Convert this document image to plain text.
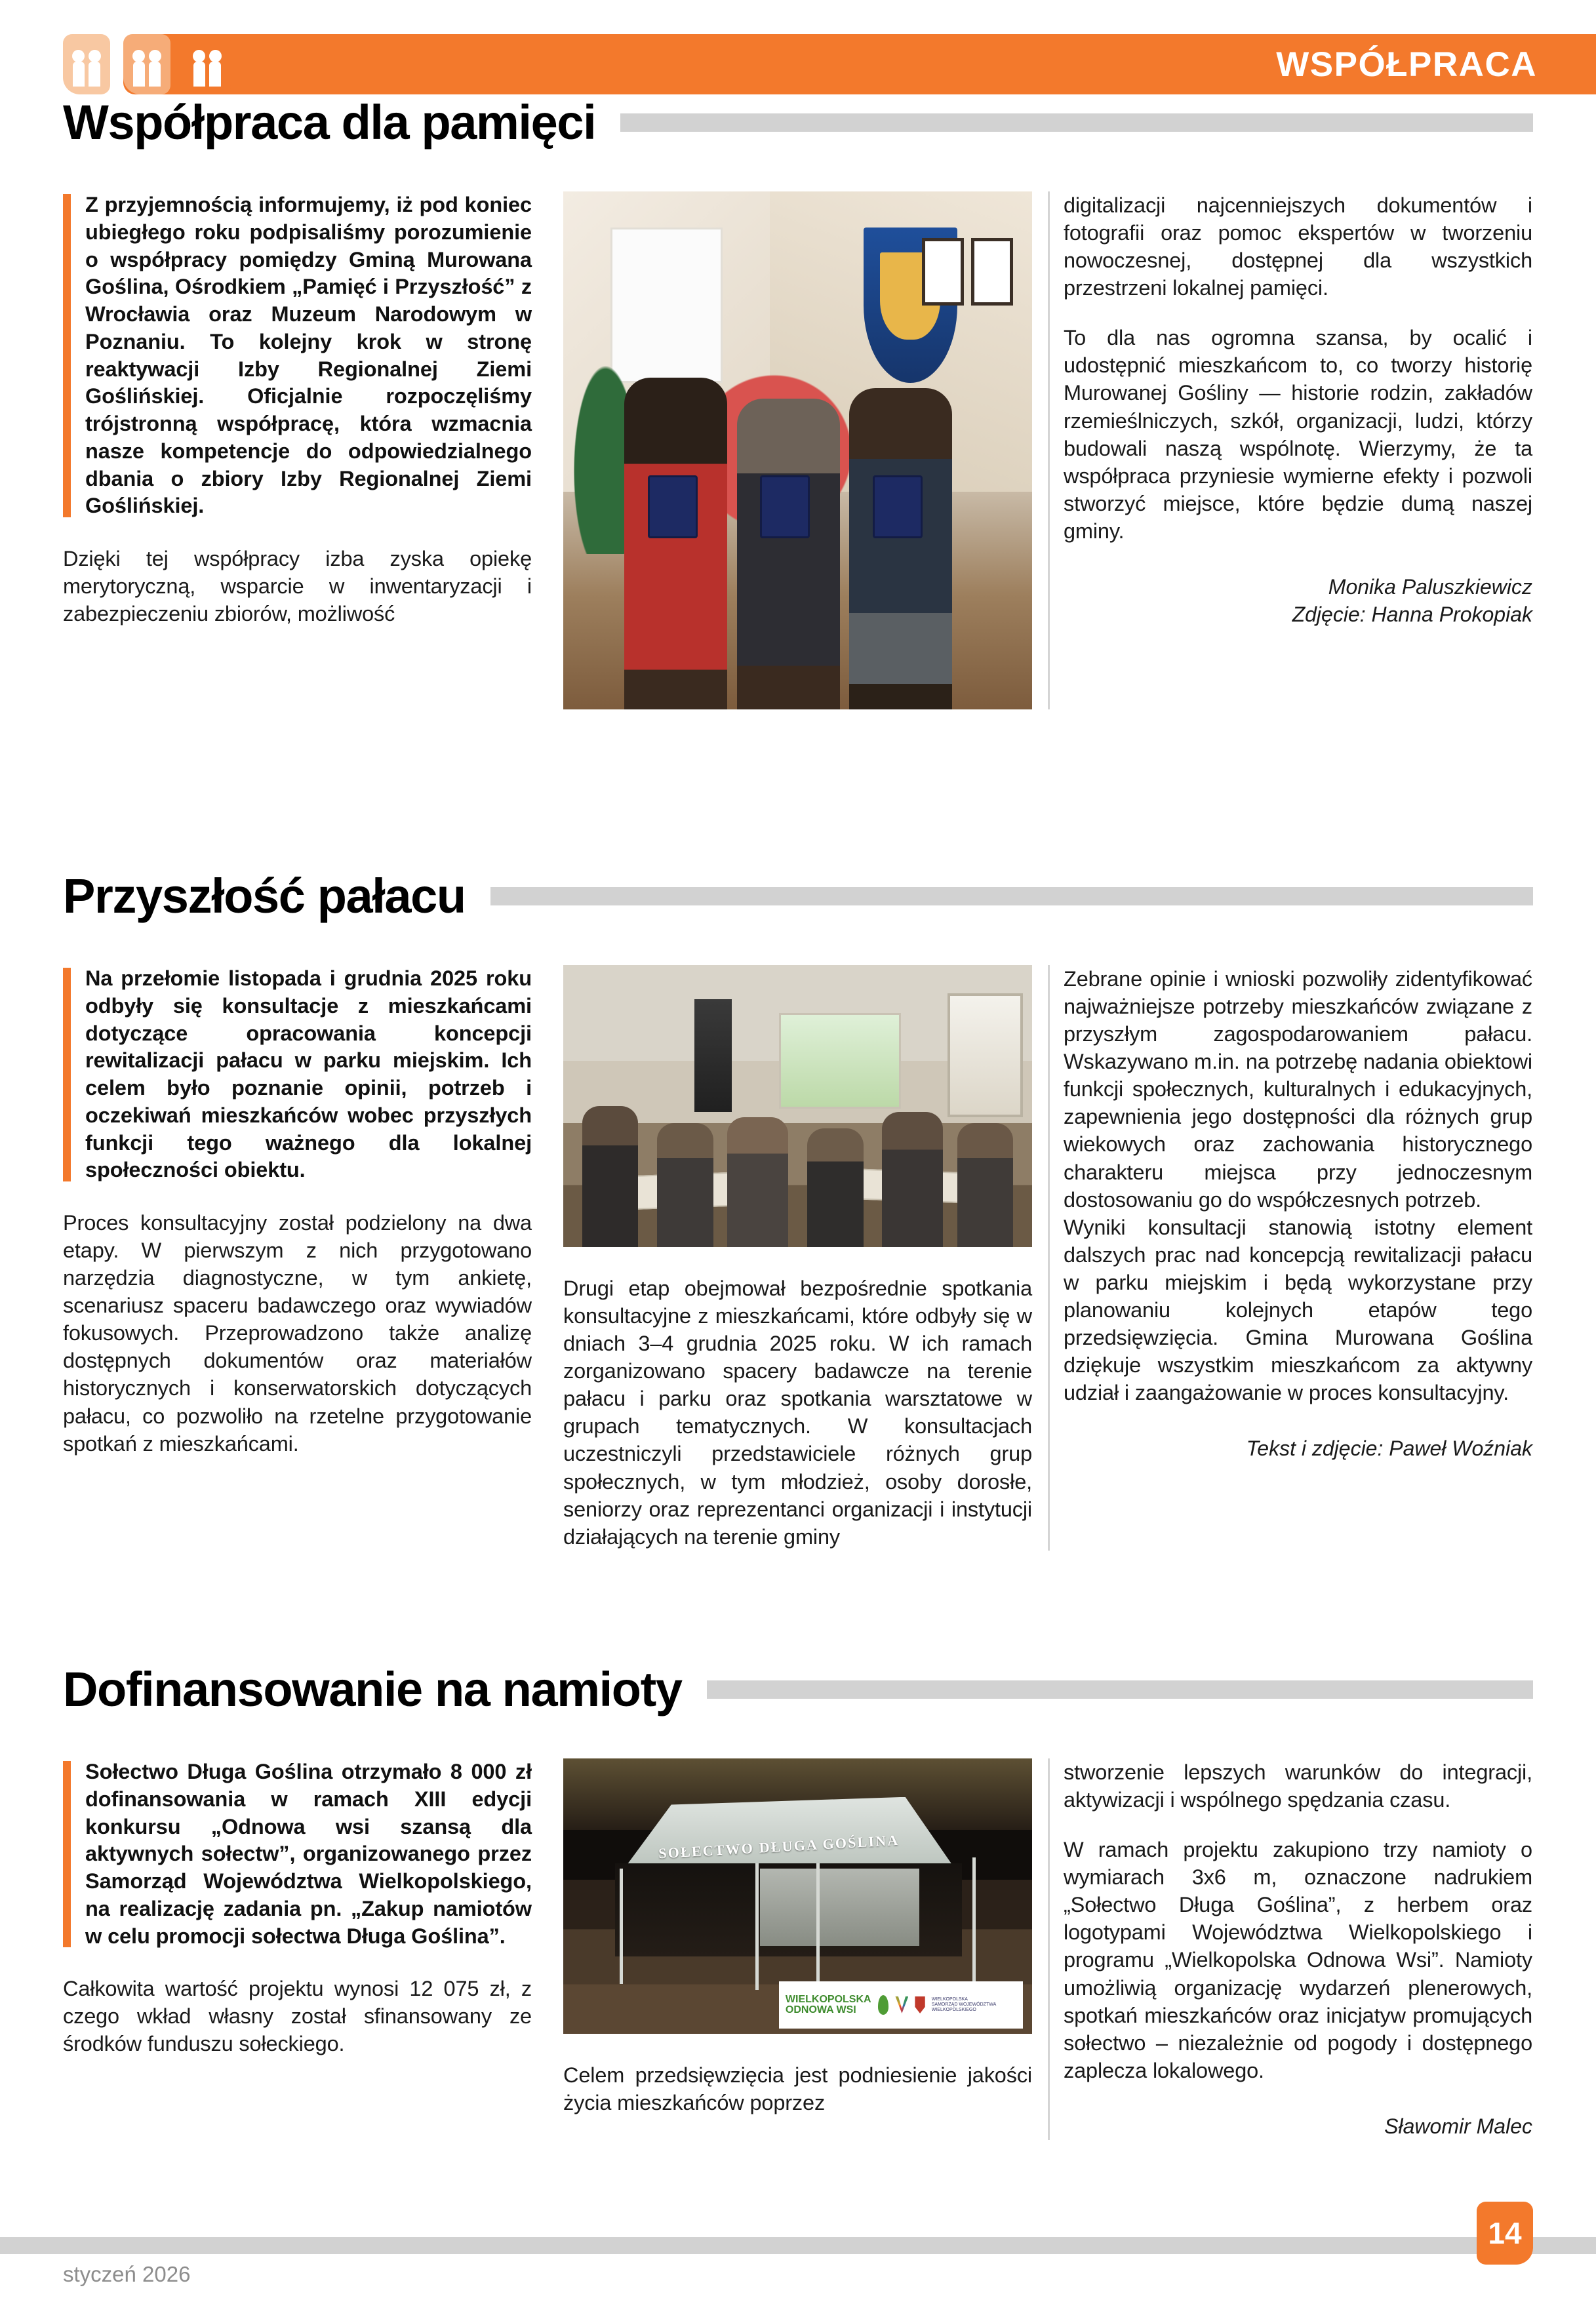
WSPÓŁPRACA
Współpraca dla pamięci
Z przyjemnością informujemy, iż pod koniec ubiegłego roku podpisaliśmy porozumienie o współpracy pomiędzy Gminą Murowana Goślina, Ośrodkiem „Pamięć i Przyszłość” z Wrocławia oraz Muzeum Narodowym w Poznaniu. To kolejny krok w stronę reaktywacji Izby Regionalnej Ziemi Goślińskiej. Oficjalnie rozpoczęliśmy trójstronną współpracę, która wzmacnia nasze kompetencje do odpowiedzialnego dbania o zbiory Izby Regionalnej Ziemi Goślińskiej.

Dzięki tej współpracy izba zyska opiekę merytoryczną, wsparcie w inwentaryzacji i zabezpieczeniu zbiorów, możliwość

digitalizacji najcenniejszych dokumentów i fotografii oraz pomoc ekspertów w tworzeniu nowoczesnej, dostępnej dla wszystkich przestrzeni lokalnej pamięci.

To dla nas ogromna szansa, by ocalić i udostępnić mieszkańcom to, co tworzy historię Murowanej Gośliny — historie rodzin, zakładów rzemieślniczych, szkół, organizacji, ludzi, którzy budowali naszą wspólnotę. Wierzymy, że ta współpraca przyniesie wymierne efekty i pozwoli stworzyć miejsce, które będzie dumą naszej gminy.

Monika Paluszkiewicz
Zdjęcie: Hanna Prokopiak
Przyszłość pałacu
Na przełomie listopada i grudnia 2025 roku odbyły się konsultacje z mieszkańcami dotyczące opracowania koncepcji rewitalizacji pałacu w parku miejskim. Ich celem było poznanie opinii, potrzeb i oczekiwań mieszkańców wobec przyszłych funkcji tego ważnego dla lokalnej społeczności obiektu.

Proces konsultacyjny został podzielony na dwa etapy. W pierwszym z nich przygotowano narzędzia diagnostyczne, w tym ankietę, scenariusz spaceru badawczego oraz wywiadów fokusowych. Przeprowadzono także analizę dostępnych dokumentów oraz materiałów historycznych i konserwatorskich dotyczących pałacu, co pozwoliło na rzetelne przygotowanie spotkań z mieszkańcami.

Drugi etap obejmował bezpośrednie spotkania konsultacyjne z mieszkańcami, które odbyły się w dniach 3–4 grudnia 2025 roku. W ich ramach zorganizowano spacery badawcze na terenie pałacu i parku oraz spotkania warsztatowe w grupach tematycznych. W konsultacjach uczestniczyli przedstawiciele różnych grup społecznych, w tym młodzież, osoby dorosłe, seniorzy oraz reprezentanci organizacji i instytucji działających na terenie gminy

Zebrane opinie i wnioski pozwoliły zidentyfikować najważniejsze potrzeby mieszkańców związane z przyszłym zagospodarowaniem pałacu. Wskazywano m.in. na potrzebę nadania obiektowi funkcji społecznych, kulturalnych i edukacyjnych, zapewnienia jego dostępności dla różnych grup wiekowych oraz zachowania historycznego charakteru miejsca przy jednoczesnym dostosowaniu go do współczesnych potrzeb.

Wyniki konsultacji stanowią istotny element dalszych prac nad koncepcją rewitalizacji pałacu w parku miejskim i będą wykorzystane przy planowaniu kolejnych etapów tego przedsięwzięcia. Gmina Murowana Goślina dziękuje wszystkim mieszkańcom za aktywny udział i zaangażowanie w proces konsultacyjny.

Tekst i zdjęcie: Paweł Woźniak
Dofinansowanie na namioty
Sołectwo Długa Goślina otrzymało 8 000 zł dofinansowania w ramach XIII edycji konkursu „Odnowa wsi szansą dla aktywnych sołectw”, organizowanego przez Samorząd Województwa Wielkopolskiego, na realizację zadania pn. „Zakup namiotów w celu promocji sołectwa Długa Goślina”.

Całkowita wartość projektu wynosi 12 075 zł, z czego wkład własny został sfinansowany ze środków funduszu sołeckiego.

SOŁECTWO DŁUGA GOŚLINA
WIELKOPOLSKA
ODNOWA WSI
WIELKOPOLSKA
SAMORZĄD WOJEWÓDZTWA WIELKOPOLSKIEGO

Celem przedsięwzięcia jest podniesienie jakości życia mieszkańców poprzez

stworzenie lepszych warunków do integracji, aktywizacji i wspólnego spędzania czasu.

W ramach projektu zakupiono trzy namioty o wymiarach 3x6 m, oznaczone nadrukiem „Sołectwo Długa Goślina”, z herbem oraz logotypami Województwa Wielkopolskiego i programu „Wielkopolska Odnowa Wsi”. Namioty umożliwią organizację wydarzeń plenerowych, spotkań mieszkańców oraz inicjatyw promujących sołectwo – niezależnie od pogody i dostępnego zaplecza lokalowego.

Sławomir Malec
styczeń 2026
14
